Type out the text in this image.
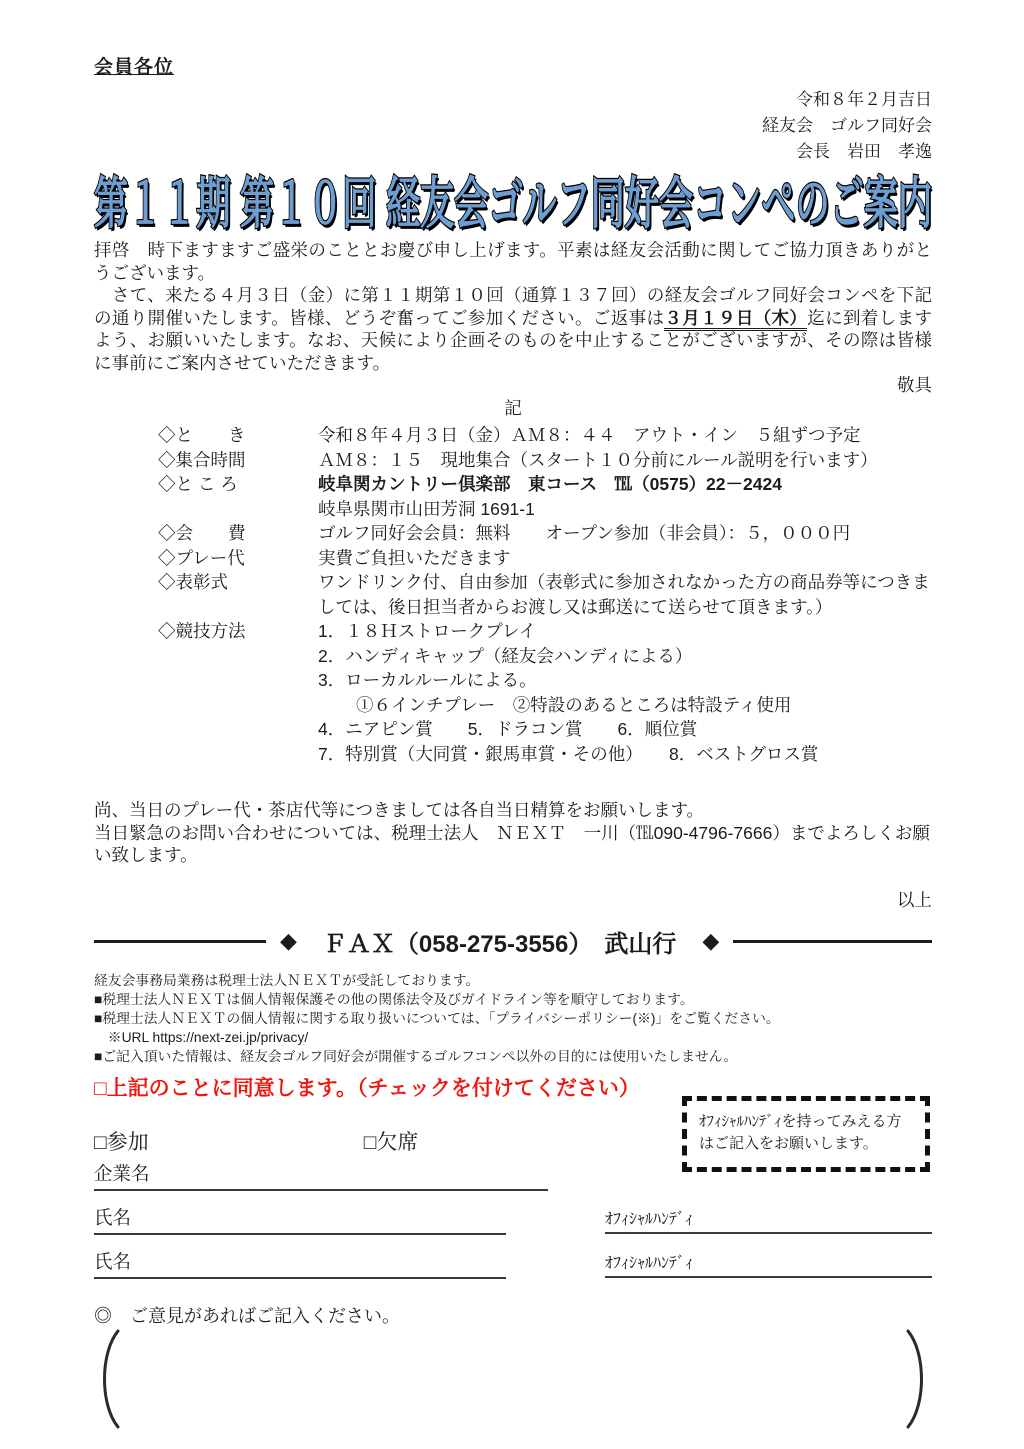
会員各位
令和８年２月吉日
経友会　ゴルフ同好会
会長　岩田　孝逸
第１１期 第１０回 経友会ゴルフ同好会コンペのご案内

拝啓　時下ますますご盛栄のこととお慶び申し上げます。平素は経友会活動に関してご協力頂きありがとうございます。
　さて、来たる４月３日（金）に第１１期第１０回（通算１３７回）の経友会ゴルフ同好会コンペを下記の通り開催いたします。皆様、どうぞ奮ってご参加ください。ご返事は３月１９日（木）迄に到着しますよう、お願いいたします。なお、天候により企画そのものを中止することがございますが、その際は皆様に事前にご案内させていただきます。

敬具
記
◇と　　き	令和８年４月３日（金）ＡＭ８：４４　アウト・イン　５組ずつ予定
◇集合時間	ＡＭ８：１５　現地集合（スタート１０分前にルール説明を行います）
◇と こ ろ	岐阜関カントリー倶楽部　東コース　℡（0575）22－2424
岐阜県関市山田芳洞 1691-1
◇会　　費	ゴルフ同好会会員：無料　　オープン参加（非会員）：５，０００円
◇プレー代	実費ご負担いただきます
◇表彰式	ワンドリンク付、自由参加（表彰式に参加されなかった方の商品券等につきましては、後日担当者からお渡し又は郵送にて送らせて頂きます。）
◇競技方法	1．１８Ｈストロークプレイ
2．ハンディキャップ（経友会ハンディによる）
3．ローカルルールによる。
①６インチプレー　②特設のあるところは特設ティ使用
4．ニアピン賞　　5．ドラコン賞　　6．順位賞
7．特別賞（大同賞・銀馬車賞・その他）　　8．ベストグロス賞

尚、当日のプレー代・茶店代等につきましては各自当日精算をお願いします。
当日緊急のお問い合わせについては、税理士法人　ＮＥＸＴ　一川（℡090-4796-7666）までよろしくお願い致します。

以上
◆ ＦＡＸ（058-275-3556）　武山行 ◆
経友会事務局業務は税理士法人ＮＥＸＴが受託しております。
■税理士法人ＮＥＸＴは個人情報保護その他の関係法令及びガイドライン等を順守しております。
■税理士法人ＮＥＸＴの個人情報に関する取り扱いについては、「プライバシーポリシー(※)」をご覧ください。
　※URL https://next-zei.jp/privacy/
■ご記入頂いた情報は、経友会ゴルフ同好会が開催するゴルフコンペ以外の目的には使用いたしません。
□上記のことに同意します。（チェックを付けてください）
ｵﾌｨｼｬﾙﾊﾝﾃﾞｨを持ってみえる方はご記入をお願いします。
□参加	□欠席
企業名
氏名	ｵﾌｨｼｬﾙﾊﾝﾃﾞｨ
氏名	ｵﾌｨｼｬﾙﾊﾝﾃﾞｨ
◎　ご意見があればご記入ください。
